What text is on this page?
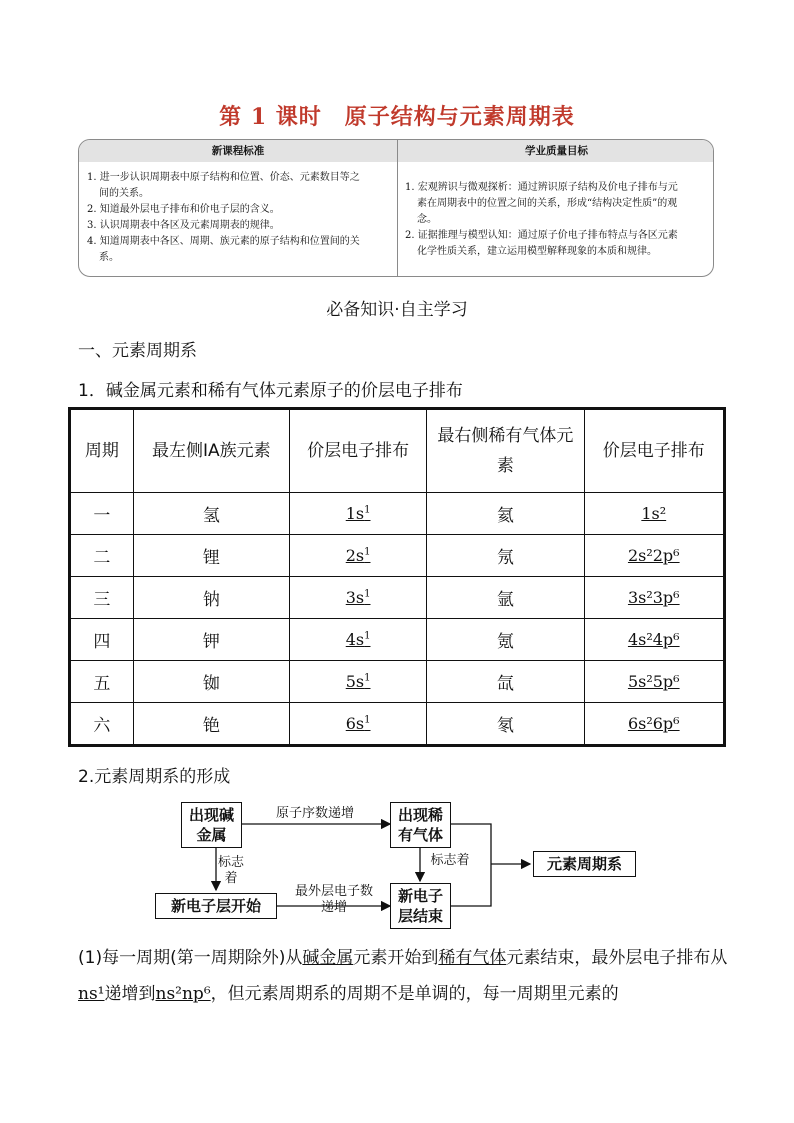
第 1 课时　原子结构与元素周期表
新课程标准	学业质量目标
1. 进一步认识周期表中原子结构和位置、价态、元素数目等之
间的关系。
2. 知道最外层电子排布和价电子层的含义。
3. 认识周期表中各区及元素周期表的规律。
4. 知道周期表中各区、周期、族元素的原子结构和位置间的关
系。
1. 宏观辨识与微观探析：通过辨识原子结构及价电子排布与元
素在周期表中的位置之间的关系，形成“结构决定性质”的观
念。
2. 证据推理与模型认知：通过原子价电子排布特点与各区元素
化学性质关系，建立运用模型解释现象的本质和规律。
必备知识·自主学习
一、元素周期系
1．碱金属元素和稀有气体元素原子的价层电子排布
周期	最左侧ⅠA族元素	价层电子排布	最右侧稀有气体元素	价层电子排布
一	氢	$1s^1$	氦	1s²
二	锂	$2s^1$	氖	2s²2p⁶
三	钠	$3s^1$	氩	3s²3p⁶
四	钾	$4s^1$	氪	4s²4p⁶
五	铷	$5s^1$	氙	5s²5p⁶
六	铯	$6s^1$	氡	6s²6p⁶
2.元素周期系的形成
出现碱金属
出现稀有气体
新电子层开始
新电子层结束
元素周期系
原子序数递增
标志着
标志着
最外层电子数递增
(1)每一周期(第一周期除外)从碱金属元素开始到稀有气体元素结束，最外层电子排布从ns¹递增到ns²np⁶，但元素周期系的周期不是单调的，每一周期里元素的
